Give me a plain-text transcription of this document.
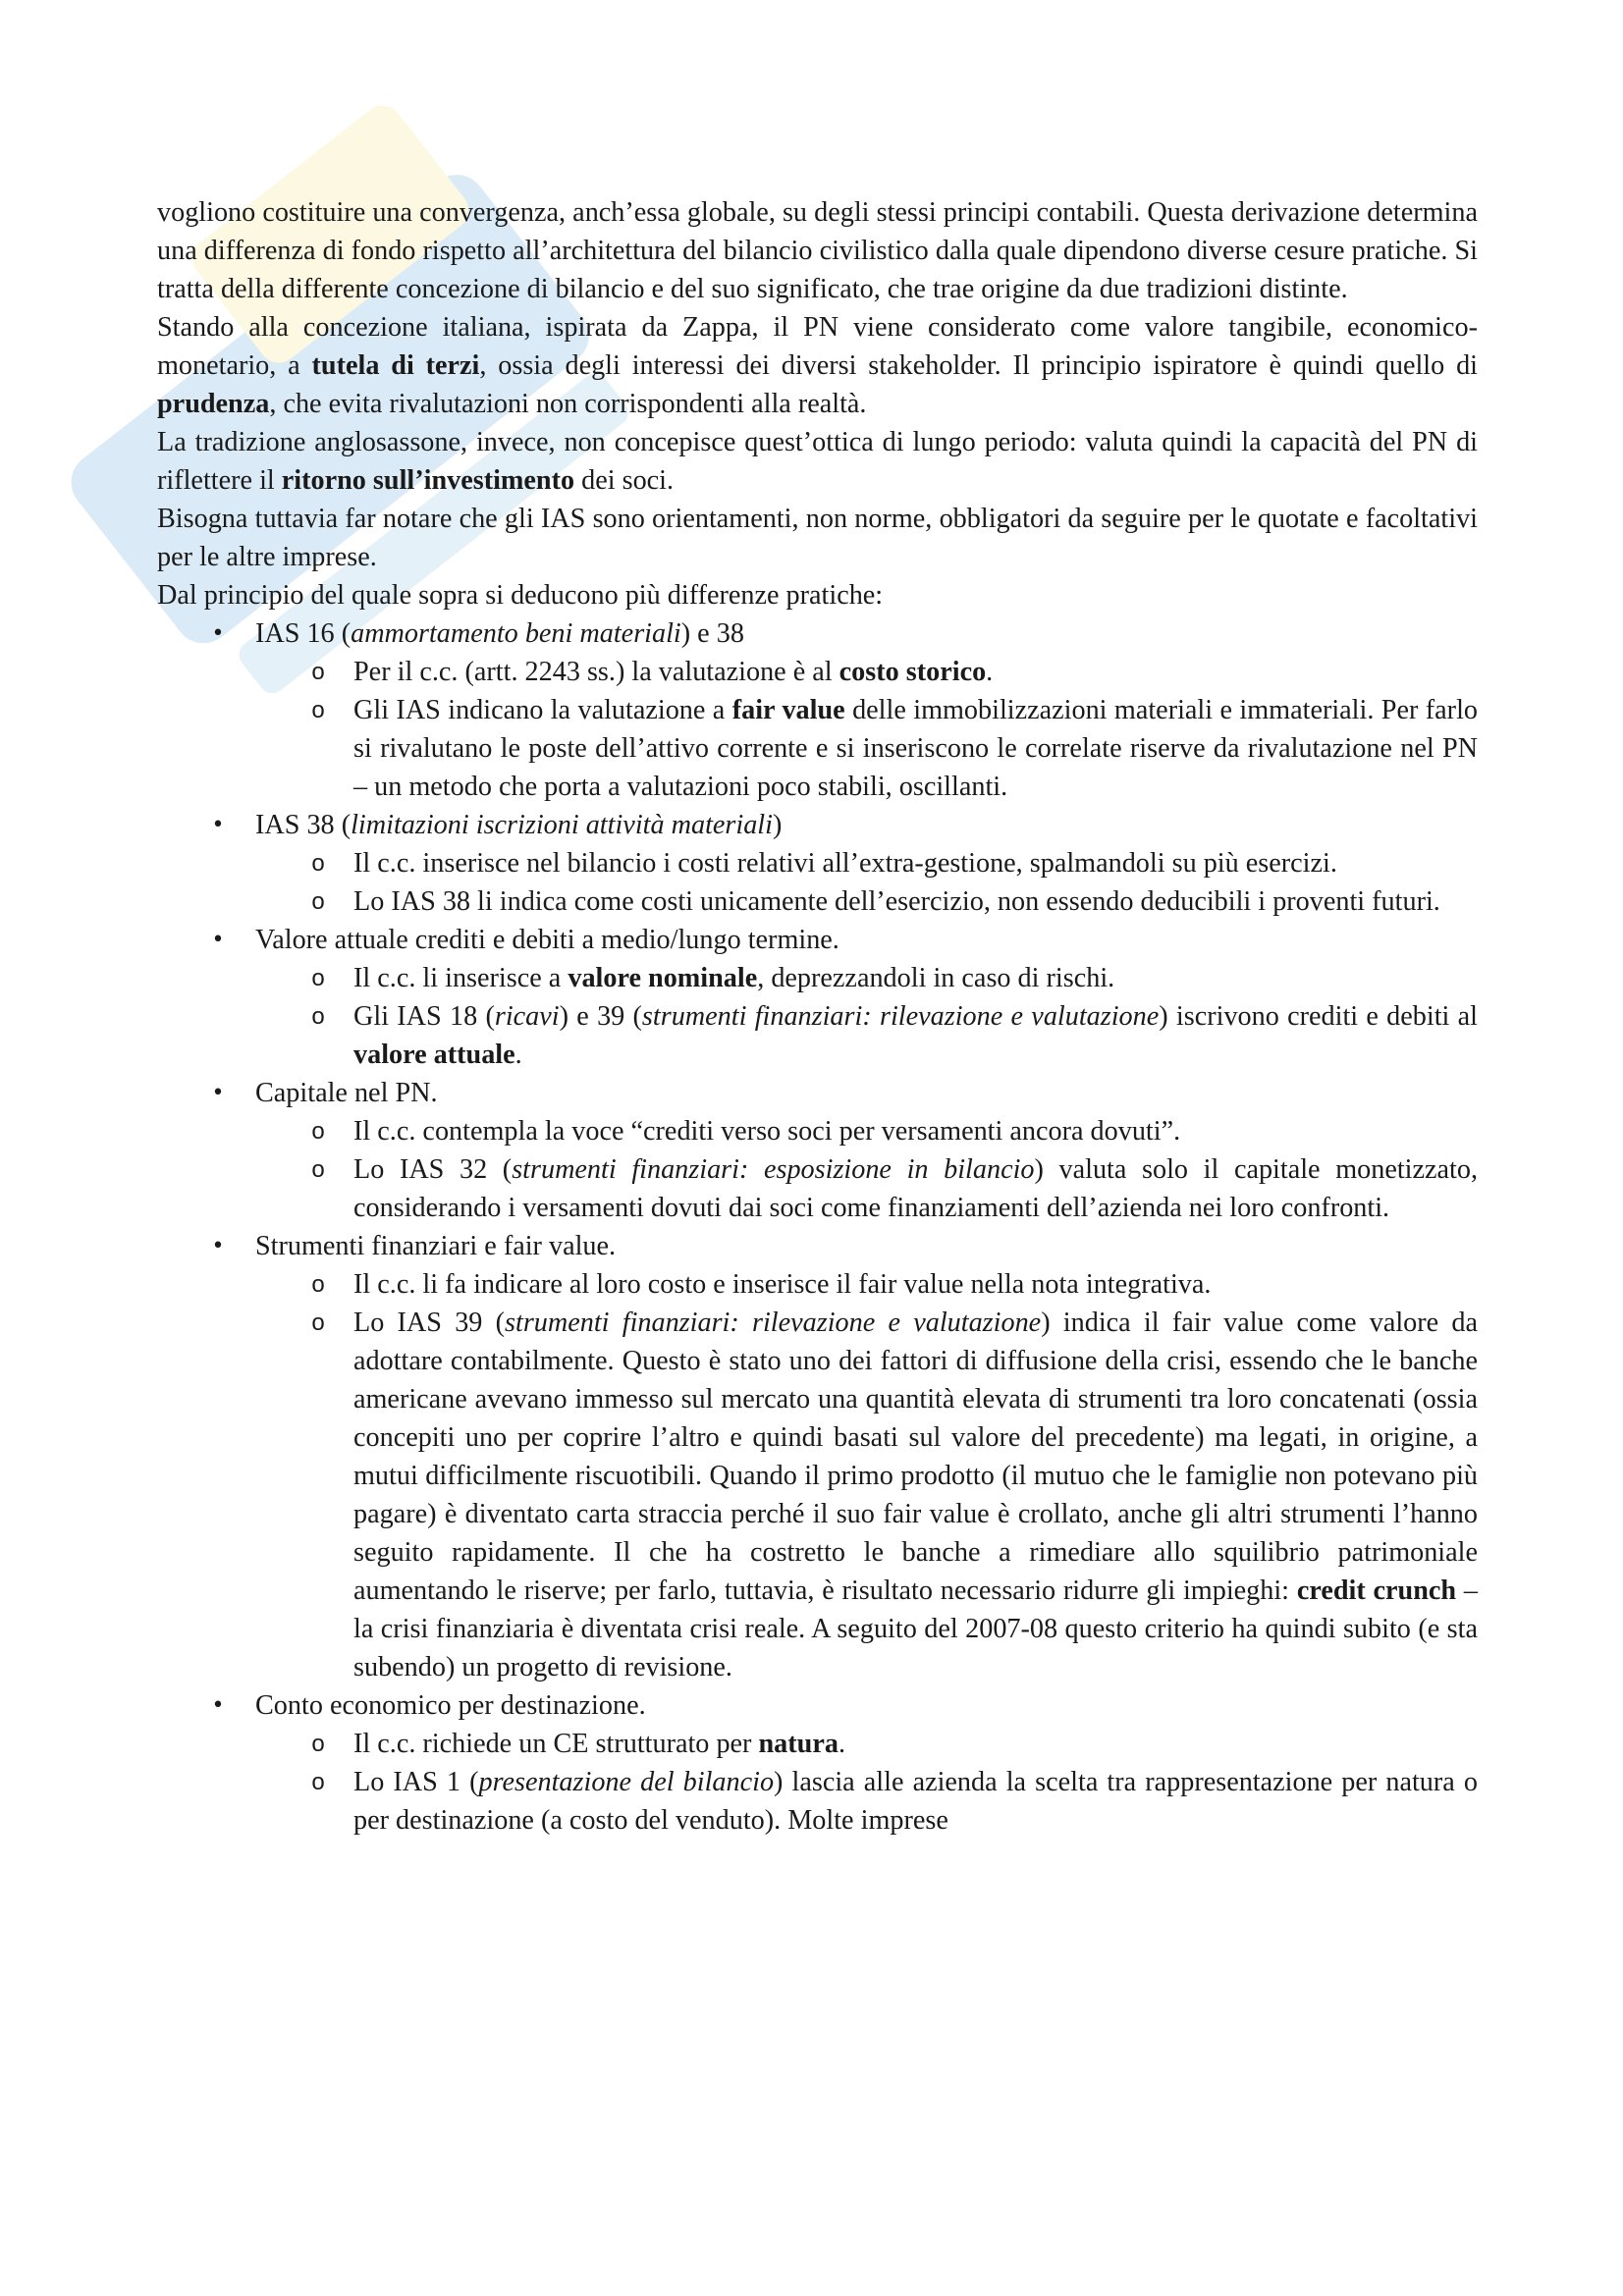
vogliono costituire una convergenza, anch’essa globale, su degli stessi principi contabili. Questa derivazione determina una differenza di fondo rispetto all’architettura del bilancio civilistico dalla quale dipendono diverse cesure pratiche. Si tratta della differente concezione di bilancio e del suo significato, che trae origine da due tradizioni distinte.

Stando alla concezione italiana, ispirata da Zappa, il PN viene considerato come valore tangibile, economico-monetario, a tutela di terzi, ossia degli interessi dei diversi stakeholder. Il principio ispiratore è quindi quello di prudenza, che evita rivalutazioni non corrispondenti alla realtà.

La tradizione anglosassone, invece, non concepisce quest’ottica di lungo periodo: valuta quindi la capacità del PN di riflettere il ritorno sull’investimento dei soci.

Bisogna tuttavia far notare che gli IAS sono orientamenti, non norme, obbligatori da seguire per le quotate e facoltativi per le altre imprese.

Dal principio del quale sopra si deducono più differenze pratiche:

• IAS 16 (ammortamento beni materiali) e 38
o Per il c.c. (artt. 2243 ss.) la valutazione è al costo storico.
o Gli IAS indicano la valutazione a fair value delle immobilizzazioni materiali e immateriali. Per farlo si rivalutano le poste dell’attivo corrente e si inseriscono le correlate riserve da rivalutazione nel PN – un metodo che porta a valutazioni poco stabili, oscillanti.
• IAS 38 (limitazioni iscrizioni attività materiali)
o Il c.c. inserisce nel bilancio i costi relativi all’extra-gestione, spalmandoli su più esercizi.
o Lo IAS 38 li indica come costi unicamente dell’esercizio, non essendo deducibili i proventi futuri.
• Valore attuale crediti e debiti a medio/lungo termine.
o Il c.c. li inserisce a valore nominale, deprezzandoli in caso di rischi.
o Gli IAS 18 (ricavi) e 39 (strumenti finanziari: rilevazione e valutazione) iscrivono crediti e debiti al valore attuale.
• Capitale nel PN.
o Il c.c. contempla la voce “crediti verso soci per versamenti ancora dovuti”.
o Lo IAS 32 (strumenti finanziari: esposizione in bilancio) valuta solo il capitale monetizzato, considerando i versamenti dovuti dai soci come finanziamenti dell’azienda nei loro confronti.
• Strumenti finanziari e fair value.
o Il c.c. li fa indicare al loro costo e inserisce il fair value nella nota integrativa.
o Lo IAS 39 (strumenti finanziari: rilevazione e valutazione) indica il fair value come valore da adottare contabilmente. Questo è stato uno dei fattori di diffusione della crisi, essendo che le banche americane avevano immesso sul mercato una quantità elevata di strumenti tra loro concatenati (ossia concepiti uno per coprire l’altro e quindi basati sul valore del precedente) ma legati, in origine, a mutui difficilmente riscuotibili. Quando il primo prodotto (il mutuo che le famiglie non potevano più pagare) è diventato carta straccia perché il suo fair value è crollato, anche gli altri strumenti l’hanno seguito rapidamente. Il che ha costretto le banche a rimediare allo squilibrio patrimoniale aumentando le riserve; per farlo, tuttavia, è risultato necessario ridurre gli impieghi: credit crunch – la crisi finanziaria è diventata crisi reale. A seguito del 2007-08 questo criterio ha quindi subito (e sta subendo) un progetto di revisione.
• Conto economico per destinazione.
o Il c.c. richiede un CE strutturato per natura.
o Lo IAS 1 (presentazione del bilancio) lascia alle azienda la scelta tra rappresentazione per natura o per destinazione (a costo del venduto). Molte imprese
